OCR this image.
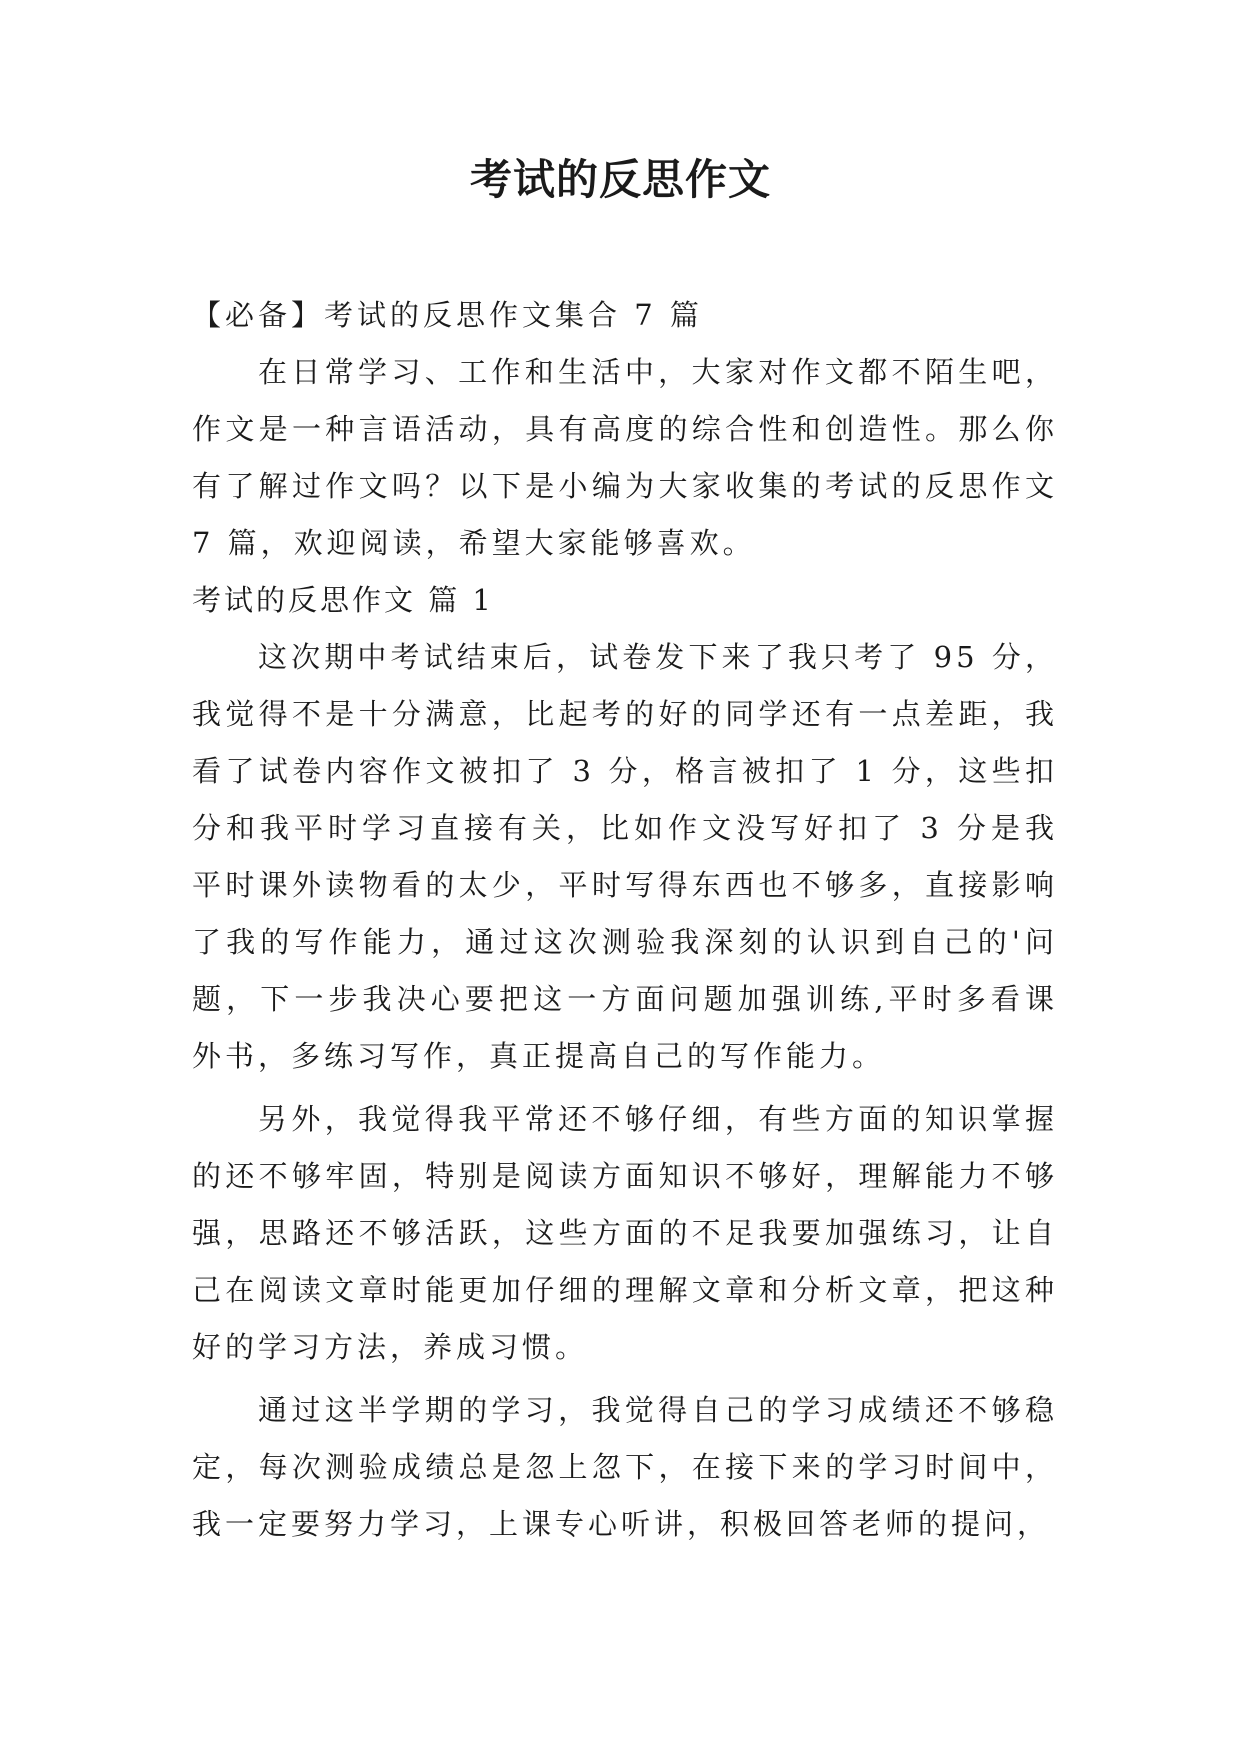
考试的反思作文

【必备】考试的反思作文集合 7 篇

在日常学习、工作和生活中，大家对作文都不陌生吧，作文是一种言语活动，具有高度的综合性和创造性。那么你有了解过作文吗？以下是小编为大家收集的考试的反思作文 7 篇，欢迎阅读，希望大家能够喜欢。

考试的反思作文 篇 1

这次期中考试结束后，试卷发下来了我只考了 95 分，我觉得不是十分满意，比起考的好的同学还有一点差距，我看了试卷内容作文被扣了 3 分，格言被扣了 1 分，这些扣分和我平时学习直接有关，比如作文没写好扣了 3 分是我平时课外读物看的太少，平时写得东西也不够多，直接影响了我的写作能力，通过这次测验我深刻的认识到自己的'问题，下一步我决心要把这一方面问题加强训练,平时多看课外书，多练习写作，真正提高自己的写作能力。

另外，我觉得我平常还不够仔细，有些方面的知识掌握的还不够牢固，特别是阅读方面知识不够好，理解能力不够强，思路还不够活跃，这些方面的不足我要加强练习，让自己在阅读文章时能更加仔细的理解文章和分析文章，把这种好的学习方法，养成习惯。

通过这半学期的学习，我觉得自己的学习成绩还不够稳定，每次测验成绩总是忽上忽下，在接下来的学习时间中，我一定要努力学习，上课专心听讲，积极回答老师的提问，
